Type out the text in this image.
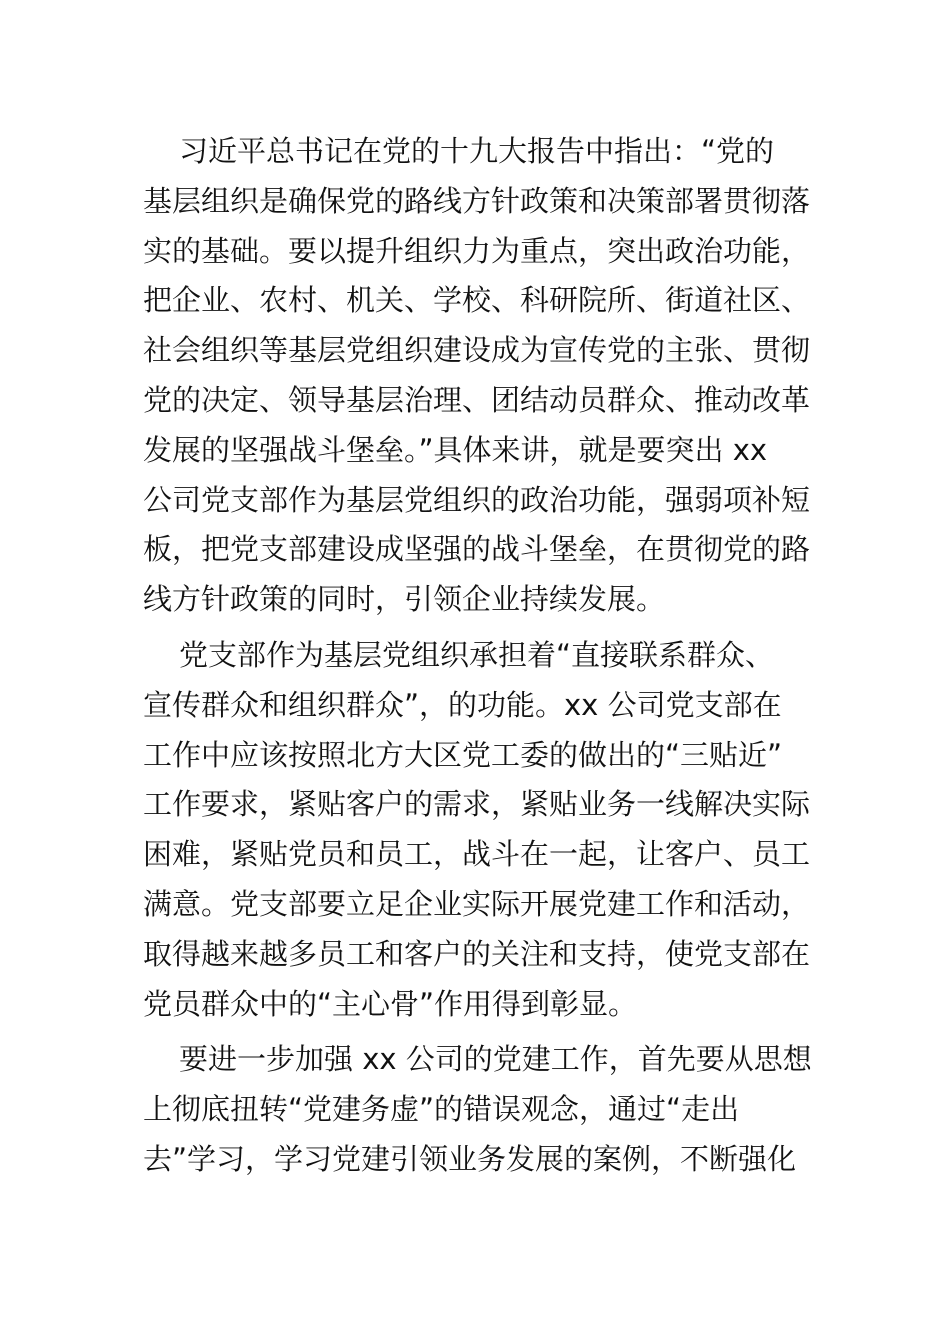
习近平总书记在党的十九大报告中指出：“党的
基层组织是确保党的路线方针政策和决策部署贯彻落
实的基础。要以提升组织力为重点，突出政治功能，
把企业、农村、机关、学校、科研院所、街道社区、
社会组织等基层党组织建设成为宣传党的主张、贯彻
党的决定、领导基层治理、团结动员群众、推动改革
发展的坚强战斗堡垒。”具体来讲，就是要突出 xx
公司党支部作为基层党组织的政治功能，强弱项补短
板，把党支部建设成坚强的战斗堡垒，在贯彻党的路
线方针政策的同时，引领企业持续发展。

党支部作为基层党组织承担着“直接联系群众、
宣传群众和组织群众”，的功能。xx 公司党支部在
工作中应该按照北方大区党工委的做出的“三贴近”
工作要求，紧贴客户的需求，紧贴业务一线解决实际
困难，紧贴党员和员工，战斗在一起，让客户、员工
满意。党支部要立足企业实际开展党建工作和活动，
取得越来越多员工和客户的关注和支持，使党支部在
党员群众中的“主心骨”作用得到彰显。

要进一步加强 xx 公司的党建工作，首先要从思想
上彻底扭转“党建务虚”的错误观念，通过“走出
去”学习，学习党建引领业务发展的案例，不断强化
